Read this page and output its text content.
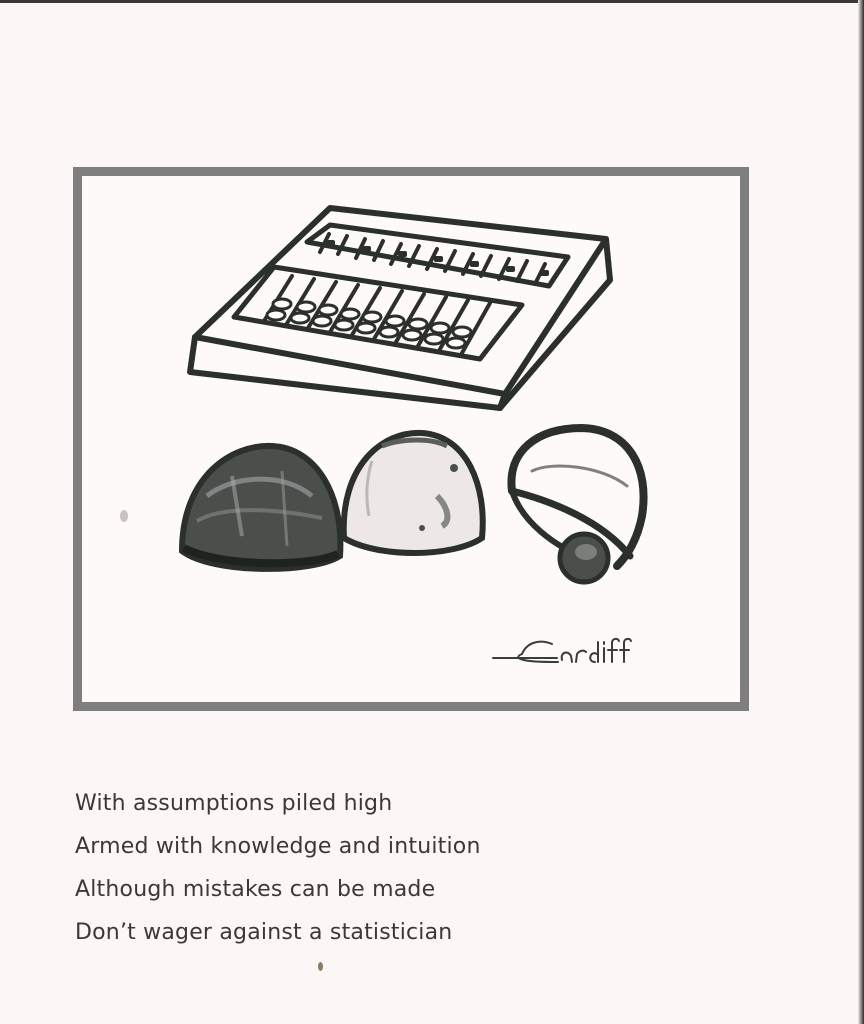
With assumptions piled high
Armed with knowledge and intuition
Although mistakes can be made
Don’t wager against a statistician
